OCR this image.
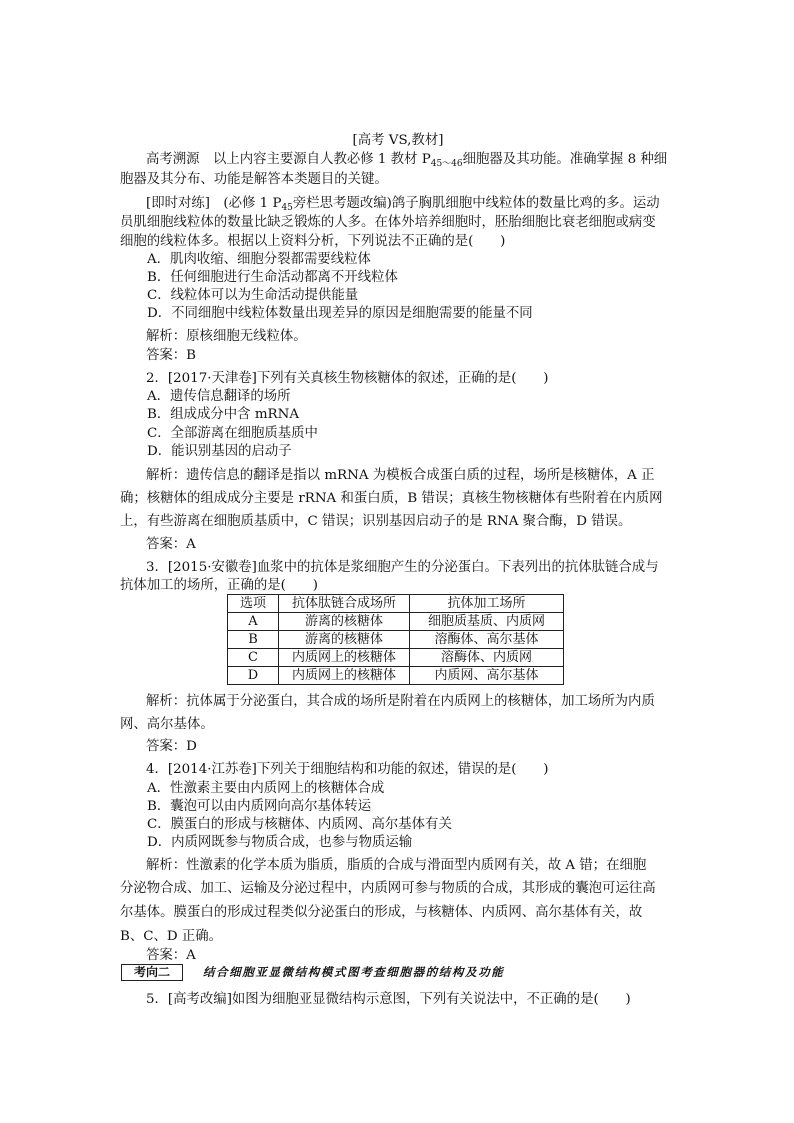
[高考 VS,教材]
高考溯源　以上内容主要源自人教必修 1 教材 $P_{45\sim 46}$细胞器及其功能。准确掌握 8 种细
胞器及其分布、功能是解答本类题目的关键。
[即时对练]　(必修 1 $P_{45}$旁栏思考题改编)鸽子胸肌细胞中线粒体的数量比鸡的多。运动
员肌细胞线粒体的数量比缺乏锻炼的人多。在体外培养细胞时，胚胎细胞比衰老细胞或病变
细胞的线粒体多。根据以上资料分析，下列说法不正确的是(　　)
A．肌肉收缩、细胞分裂都需要线粒体
B．任何细胞进行生命活动都离不开线粒体
C．线粒体可以为生命活动提供能量
D．不同细胞中线粒体数量出现差异的原因是细胞需要的能量不同
解析：原核细胞无线粒体。
答案：B
2．[2017·天津卷]下列有关真核生物核糖体的叙述，正确的是(　　)
A．遗传信息翻译的场所
B．组成成分中含 mRNA
C．全部游离在细胞质基质中
D．能识别基因的启动子
解析：遗传信息的翻译是指以 mRNA 为模板合成蛋白质的过程，场所是核糖体，A 正
确；核糖体的组成成分主要是 rRNA 和蛋白质，B 错误；真核生物核糖体有些附着在内质网
上，有些游离在细胞质基质中，C 错误；识别基因启动子的是 RNA 聚合酶，D 错误。
答案：A
3．[2015·安徽卷]血浆中的抗体是浆细胞产生的分泌蛋白。下表列出的抗体肽链合成与
抗体加工的场所，正确的是(　　)
选项	抗体肽链合成场所	抗体加工场所
A	游离的核糖体	细胞质基质、内质网
B	游离的核糖体	溶酶体、高尔基体
C	内质网上的核糖体	溶酶体、内质网
D	内质网上的核糖体	内质网、高尔基体
解析：抗体属于分泌蛋白，其合成的场所是附着在内质网上的核糖体，加工场所为内质
网、高尔基体。
答案：D
4．[2014·江苏卷]下列关于细胞结构和功能的叙述，错误的是(　　)
A．性激素主要由内质网上的核糖体合成
B．囊泡可以由内质网向高尔基体转运
C．膜蛋白的形成与核糖体、内质网、高尔基体有关
D．内质网既参与物质合成，也参与物质运输
解析：性激素的化学本质为脂质，脂质的合成与滑面型内质网有关，故 A 错；在细胞
分泌物合成、加工、运输及分泌过程中，内质网可参与物质的合成，其形成的囊泡可运往高
尔基体。膜蛋白的形成过程类似分泌蛋白的形成，与核糖体、内质网、高尔基体有关，故
B、C、D 正确。
答案：A
考向二	结合细胞亚显微结构模式图考查细胞器的结构及功能
5．[高考改编]如图为细胞亚显微结构示意图，下列有关说法中，不正确的是(　　)
